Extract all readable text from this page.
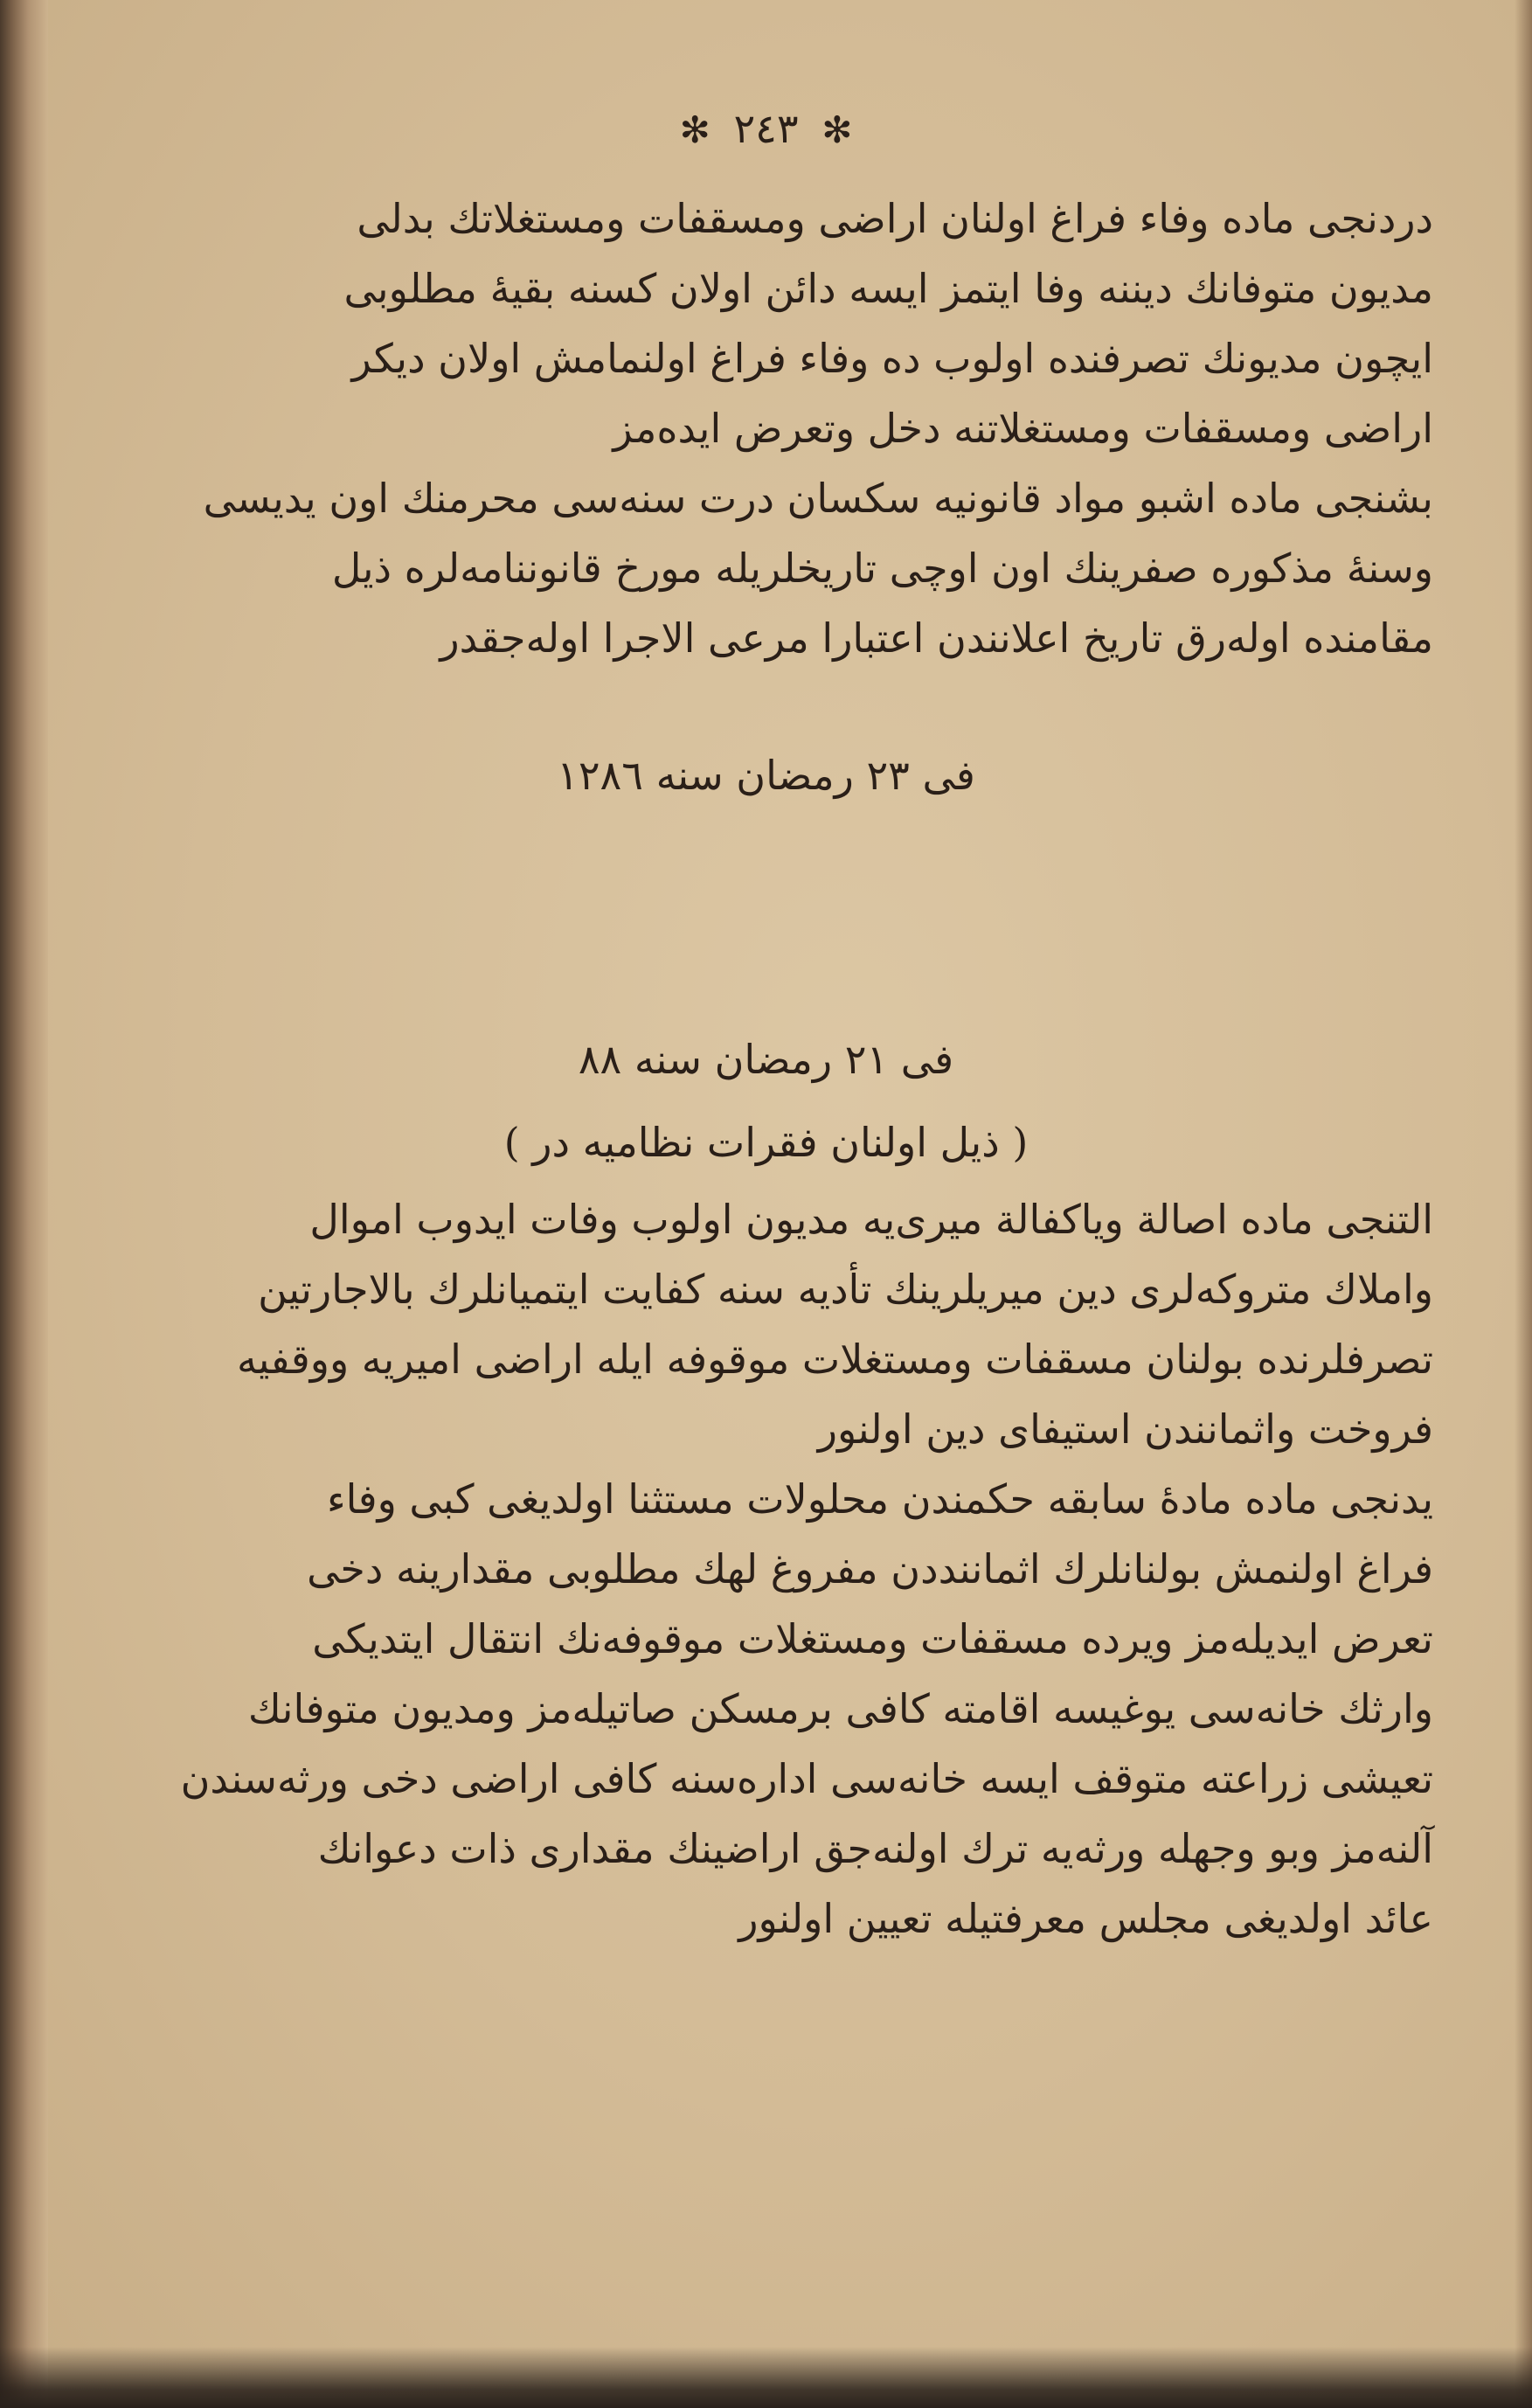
✻ ٢٤٣ ✻
دردنجی ماده وفاء فراغ اولنان اراضی ومسقفات ومستغلاتك بدلی
مدیون متوفانك دیننه وفا ایتمز ایسه دائن اولان كسنه بقیهٔ مطلوبی
ایچون مدیونك تصرفنده اولوب ده وفاء فراغ اولنمامش اولان دیكر
اراضی ومسقفات ومستغلاتنه دخل وتعرض ایده‌مز
بشنجی ماده اشبو مواد قانونیه سكسان درت سنه‌سی محرمنك اون یدیسی
وسنهٔ مذكوره صفرینك اون اوچی تاریخلریله مورخ قانوننامه‌لره ذیل
مقامنده اوله‌رق تاریخ اعلانندن اعتبارا مرعی الاجرا اوله‌جقدر
فی ٢٣ رمضان سنه ١٢٨٦
فی ٢١ رمضان سنه ٨٨
( ذیل اولنان فقرات نظامیه در )
التنجی ماده اصالة ویاكفالة میری‌یه مدیون اولوب وفات ایدوب اموال
واملاك متروكه‌لری دین میریلرینك تأدیه سنه كفایت ایتمیانلرك بالاجارتین
تصرفلرنده بولنان مسقفات ومستغلات موقوفه ایله اراضی امیریه ووقفیه
فروخت واثمانندن استیفای دین اولنور
یدنجی ماده مادهٔ سابقه حكمندن محلولات مستثنا اولدیغی كبی وفاء
فراغ اولنمش بولنانلرك اثماننددن مفروغ لهك مطلوبی مقدارینه دخی
تعرض ایدیله‌مز ویرده مسقفات ومستغلات موقوفه‌نك انتقال ایتدیكی
وارثك خانه‌سی یوغیسه اقامته كافی برمسكن صاتیله‌مز ومدیون متوفانك
تعیشی زراعته متوقف ایسه خانه‌سی اداره‌سنه كافی اراضی دخی ورثه‌سندن
آلنه‌مز وبو وجهله ورثه‌یه ترك اولنه‌جق اراضینك مقداری ذات دعوانك
عائد اولدیغی مجلس معرفتیله تعیین اولنور
